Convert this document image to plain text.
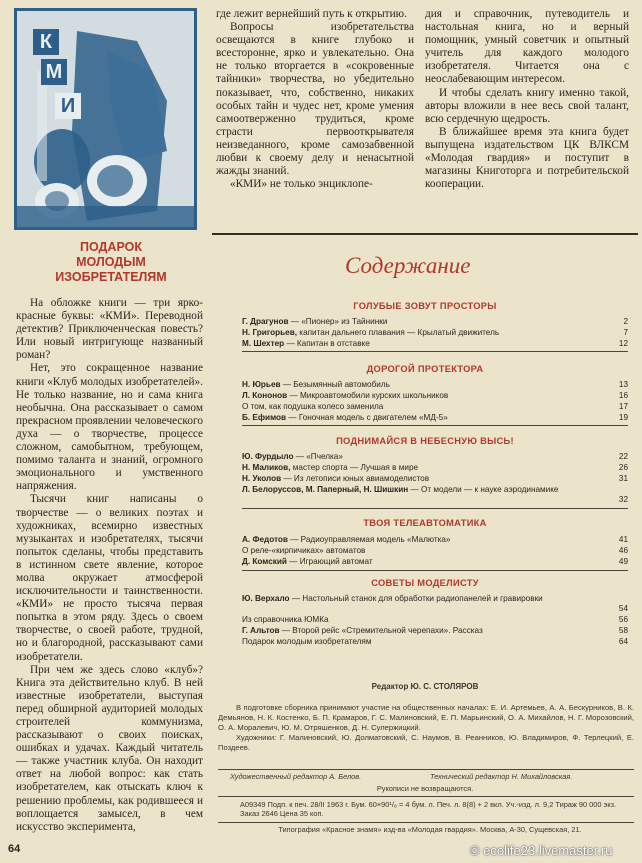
К
М
И
ПОДАРОК
МОЛОДЫМ ИЗОБРЕТАТЕЛЯМ

На обложке книги — три ярко-красные буквы: «КМИ». Переводной детектив? Приключенческая повесть? Или новый интригующе названный роман?

Нет, это сокращенное название книги «Клуб молодых изобретателей». Не только название, но и сама книга необычна. Она рассказывает о самом прекрасном проявлении человеческого духа — о творчестве, процессе сложном, самобытном, требующем, помимо таланта и знаний, огромного эмоционального и умственного напряжения.

Тысячи книг написаны о творчестве — о великих поэтах и художниках, всемирно известных музыкантах и изобретателях, тысячи попыток сделаны, чтобы представить в истинном свете явление, которое молва окружает атмосферой исключительности и таинственности. «КМИ» не просто тысяча первая попытка в этом ряду. Здесь о своем творчестве, о своей работе, трудной, но и благородной, рассказывают сами изобретатели.

При чем же здесь слово «клуб»? Книга эта действительно клуб. В ней известные изобретатели, выступая перед обширной аудиторией молодых строителей коммунизма, рассказывают о своих поисках, ошибках и удачах. Каждый читатель — также участник клуба. Он находит ответ на любой вопрос: как стать изобретателем, как отыскать ключ к решению проблемы, как родившееся и воплощается замысел, в чем искусство эксперимента,

где лежит вернейший путь к открытию.

Вопросы изобретательства освещаются в книге глубоко и всесторонне, ярко и увлекательно. Она не только вторгается в «сокровенные тайники» творчества, но убедительно показывает, что, собственно, никаких особых тайн и чудес нет, кроме умения самоотверженно трудиться, кроме страсти первооткрывателя неизведанного, кроме самозабвенной любви к своему делу и ненасытной жажды знаний.

«КМИ» не только энциклопе-

дия и справочник, путеводитель и настольная книга, но и верный помощник, умный советчик и опытный учитель для каждого молодого изобретателя. Читается она с неослабевающим интересом.

И чтобы сделать книгу именно такой, авторы вложили в нее весь свой талант, всю сердечную щедрость.

В ближайшее время эта книга будет выпущена издательством ЦК ВЛКСМ «Молодая гвардия» и поступит в магазины Книготорга и потребительской кооперации.

Содержание
ГОЛУБЫЕ ЗОВУТ ПРОСТОРЫ
Г. Драгунов — «Пионер» из Тайнинки	2
Н. Григорьев, капитан дальнего плавания — Крылатый движитель	7
М. Шехтер — Капитан в отставке	12
ДОРОГОЙ ПРОТЕКТОРА
Н. Юрьев — Безымянный автомобиль	13
Л. Кононов — Микроавтомобили курских школьников	16
О том, как подушка колесо заменила	17
Б. Ефимов — Гоночная модель с двигателем «МД-5»	19
ПОДНИМАЙСЯ В НЕБЕСНУЮ ВЫСЬ!
Ю. Фурдыло — «Пчелка»	22
Н. Маликов, мастер спорта — Лучшая в мире	26
Н. Уколов — Из летописи юных авиамоделистов	31
Л. Белоруссов, М. Паперный, Н. Шишкин — От модели — к науке аэродинамике
32
ТВОЯ ТЕЛЕАВТОМАТИКА
А. Федотов — Радиоуправляемая модель «Малютка»	41
О реле-«кирпичиках» автоматов	46
Д. Комский — Играющий автомат	49
СОВЕТЫ МОДЕЛИСТУ
Ю. Верхало — Настольный станок для обработки радиопанелей и гравировки
54
Из справочника ЮМКа	56
Г. Альтов — Второй рейс «Стремительной черепахи». Рассказ	58
Подарок молодым изобретателям	64
Редактор Ю. С. СТОЛЯРОВ

В подготовке сборника принимают участие на общественных началах: Е. И. Артемьев, А. А. Бескурников, В. К. Демьянов, Н. К. Костенко, Б. П. Крамаров, Г. С. Малиновский, Е. П. Марьинский, О. А. Михайлов, Н. Г. Морозовский, О. А. Моралевич, Ю. М. Отряшенков, Д. Н. Сулержицкий.

Художники: Г. Малиновский, Ю. Долматовский, С. Наумов, В. Реанников, Ю. Владимиров, Ф. Терлецкий, Е. Поздеев.

Художественный редактор А. Белов.	Технический редактор Н. Михайловская.
Рукописи не возвращаются.
А09349 Подп. к печ. 28/II 1963 г. Бум. 60×90¹/₈ = 4 бум. л. Печ. л. 8(8) + 2 вкл. Уч.-изд. л. 9,2 Тираж 90 000 экз. Заказ 2646 Цена 35 коп.
Типография «Красное знамя» изд-ва «Молодая гвардия». Москва, А-30, Сущевская, 21.
64	© ecolife23.livemaster.ru
